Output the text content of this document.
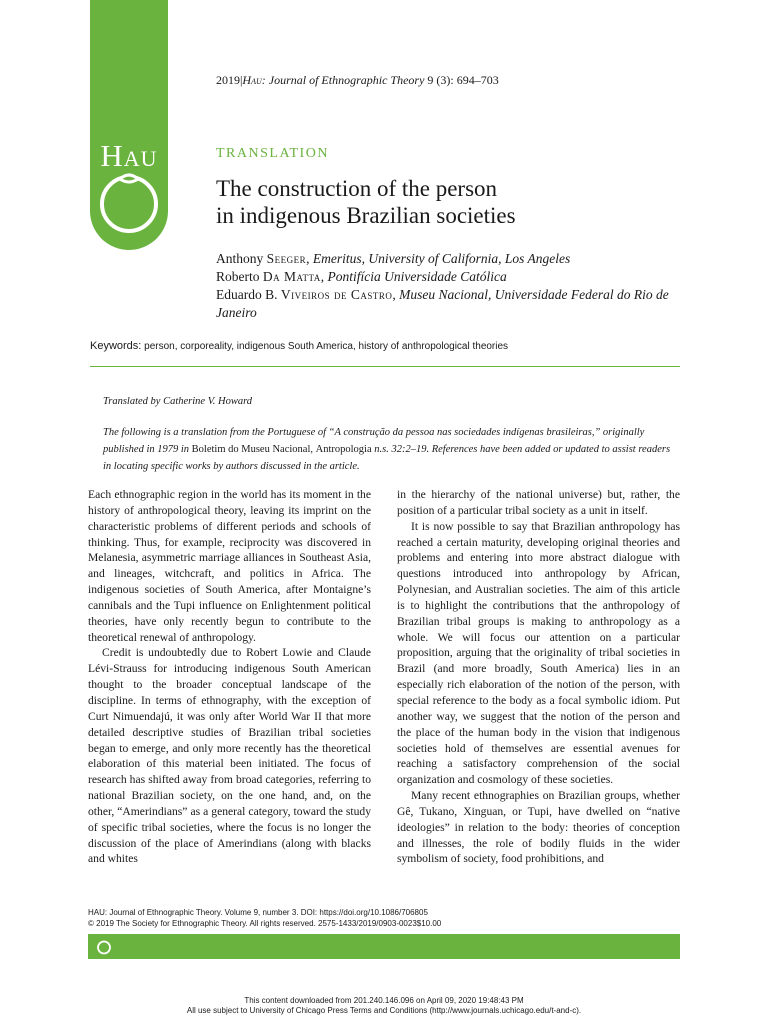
Hau
2019|Hau: Journal of Ethnographic Theory 9 (3): 694–703
TRANSLATION
The construction of the person
in indigenous Brazilian societies
Anthony Seeger, Emeritus, University of California, Los Angeles
Roberto Da Matta, Pontifícia Universidade Católica
Eduardo B. Viveiros de Castro, Museu Nacional, Universidade Federal do Rio de Janeiro
Keywords: person, corporeality, indigenous South America, history of anthropological theories
Translated by Catherine V. Howard
The following is a translation from the Portuguese of “A construção da pessoa nas sociedades indígenas brasileiras,” originally published in 1979 in Boletim do Museu Nacional, Antropologia n.s. 32:2–19. References have been added or updated to assist readers in locating specific works by authors discussed in the article.

Each ethnographic region in the world has its moment in the history of anthropological theory, leaving its imprint on the characteristic problems of different periods and schools of thinking. Thus, for example, reciprocity was discovered in Melanesia, asymmetric marriage alliances in Southeast Asia, and lineages, witchcraft, and politics in Africa. The indigenous societies of South America, after Montaigne’s cannibals and the Tupi influence on Enlightenment political theories, have only recently begun to contribute to the theoretical renewal of anthropology.

Credit is undoubtedly due to Robert Lowie and Claude Lévi-Strauss for introducing indigenous South American thought to the broader conceptual landscape of the discipline. In terms of ethnography, with the exception of Curt Nimuendajú, it was only after World War II that more detailed descriptive studies of Brazilian tribal societies began to emerge, and only more recently has the theoretical elaboration of this material been initiated. The focus of research has shifted away from broad categories, referring to national Brazilian society, on the one hand, and, on the other, “Amerindians” as a general category, toward the study of specific tribal societies, where the focus is no longer the discussion of the place of Amerindians (along with blacks and whites

in the hierarchy of the national universe) but, rather, the position of a particular tribal society as a unit in itself.

It is now possible to say that Brazilian anthropology has reached a certain maturity, developing original theories and problems and entering into more abstract dialogue with questions introduced into anthropology by African, Polynesian, and Australian societies. The aim of this article is to highlight the contributions that the anthropology of Brazilian tribal groups is making to anthropology as a whole. We will focus our attention on a particular proposition, arguing that the originality of tribal societies in Brazil (and more broadly, South America) lies in an especially rich elaboration of the notion of the person, with special reference to the body as a focal symbolic idiom. Put another way, we suggest that the notion of the person and the place of the human body in the vision that indigenous societies hold of themselves are essential avenues for reaching a satisfactory comprehension of the social organization and cosmology of these societies.

Many recent ethnographies on Brazilian groups, whether Gê, Tukano, Xinguan, or Tupi, have dwelled on “native ideologies” in relation to the body: theories of conception and illnesses, the role of bodily fluids in the wider symbolism of society, food prohibitions, and

HAU: Journal of Ethnographic Theory. Volume 9, number 3. DOI: https://doi.org/10.1086/706805
© 2019 The Society for Ethnographic Theory. All rights reserved. 2575-1433/2019/0903-0023$10.00
This content downloaded from 201.240.146.096 on April 09, 2020 19:48:43 PM
All use subject to University of Chicago Press Terms and Conditions (http://www.journals.uchicago.edu/t-and-c).
